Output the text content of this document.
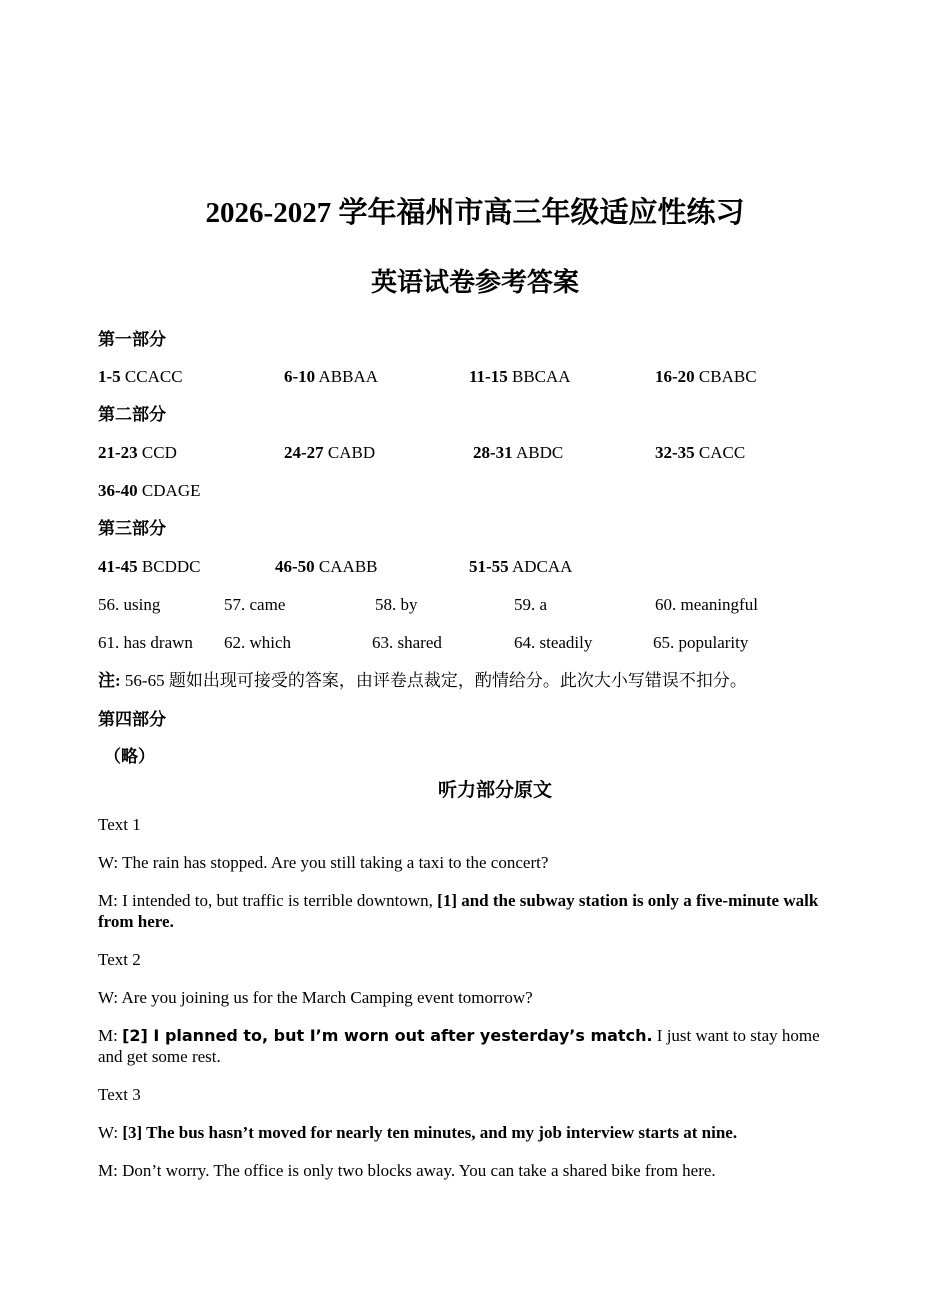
2026-2027 学年福州市高三年级适应性练习
英语试卷参考答案
第一部分
1-5 CCACC	6-10 ABBAA	11-15 BBCAA	16-20 CBABC
第二部分
21-23 CCD	24-27 CABD	28-31 ABDC	32-35 CACC
36-40 CDAGE
第三部分
41-45 BCDDC	46-50 CAABB	51-55 ADCAA
56. using	57. came	58. by	59. a	60. meaningful
61. has drawn 62. which	63. shared	64. steadily	65. popularity
注: 56-65 题如出现可接受的答案，由评卷点裁定，酌情给分。此次大小写错误不扣分。
第四部分
（略）
听力部分原文
Text 1
W: The rain has stopped. Are you still taking a taxi to the concert?
M: I intended to, but traffic is terrible downtown, [1] and the subway station is only a five-minute walk from here.
Text 2
W: Are you joining us for the March Camping event tomorrow?
M: [2] I planned to, but I’m worn out after yesterday’s match. I just want to stay home and get some rest.
Text 3
W: [3] The bus hasn’t moved for nearly ten minutes, and my job interview starts at nine.
M: Don’t worry. The office is only two blocks away. You can take a shared bike from here.
